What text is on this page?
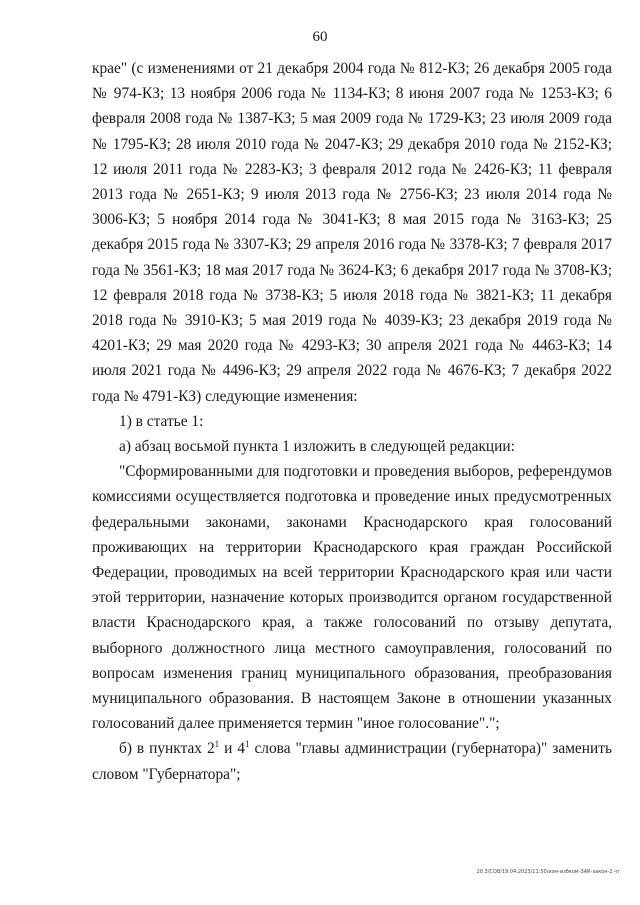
60

крае" (с изменениями от 21 декабря 2004 года № 812-КЗ; 26 декабря 2005 года № 974-КЗ; 13 ноября 2006 года № 1134-КЗ; 8 июня 2007 года № 1253-КЗ; 6 февраля 2008 года № 1387-КЗ; 5 мая 2009 года № 1729-КЗ; 23 июля 2009 года № 1795-КЗ; 28 июля 2010 года № 2047-КЗ; 29 декабря 2010 года № 2152-КЗ; 12 июля 2011 года № 2283-КЗ; 3 февраля 2012 года № 2426-КЗ; 11 февраля 2013 года № 2651-КЗ; 9 июля 2013 года № 2756-КЗ; 23 июля 2014 года № 3006-КЗ; 5 ноября 2014 года № 3041-КЗ; 8 мая 2015 года № 3163-КЗ; 25 декабря 2015 года № 3307-КЗ; 29 апреля 2016 года № 3378-КЗ; 7 февраля 2017 года № 3561-КЗ; 18 мая 2017 года № 3624-КЗ; 6 декабря 2017 года № 3708-КЗ; 12 февраля 2018 года № 3738-КЗ; 5 июля 2018 года № 3821-КЗ; 11 декабря 2018 года № 3910-КЗ; 5 мая 2019 года № 4039-КЗ; 23 декабря 2019 года № 4201-КЗ; 29 мая 2020 года № 4293-КЗ; 30 апреля 2021 года № 4463-КЗ; 14 июля 2021 года № 4496-КЗ; 29 апреля 2022 года № 4676-КЗ; 7 декабря 2022 года № 4791-КЗ) следующие изменения:

1) в статье 1:

а) абзац восьмой пункта 1 изложить в следующей редакции:

"Сформированными для подготовки и проведения выборов, референдумов комиссиями осуществляется подготовка и проведение иных предусмотренных федеральными законами, законами Краснодарского края голосований проживающих на территории Краснодарского края граждан Российской Федерации, проводимых на всей территории Краснодарского края или части этой территории, назначение которых производится органом государственной власти Краснодарского края, а также голосований по отзыву депутата, выборного должностного лица местного самоуправления, голосований по вопросам изменения границ муниципального образования, преобразования муниципального образования. В настоящем Законе в отношении указанных голосований далее применяется термин "иное голосование".";

б) в пунктах $2^1$ и $4^1$ слова "главы администрации (губернатора)" заменить словом "Губернатора";

20.3/СОВ/19.04.2023/11:50/изм-избком-ЗАК-закон-2 чт
